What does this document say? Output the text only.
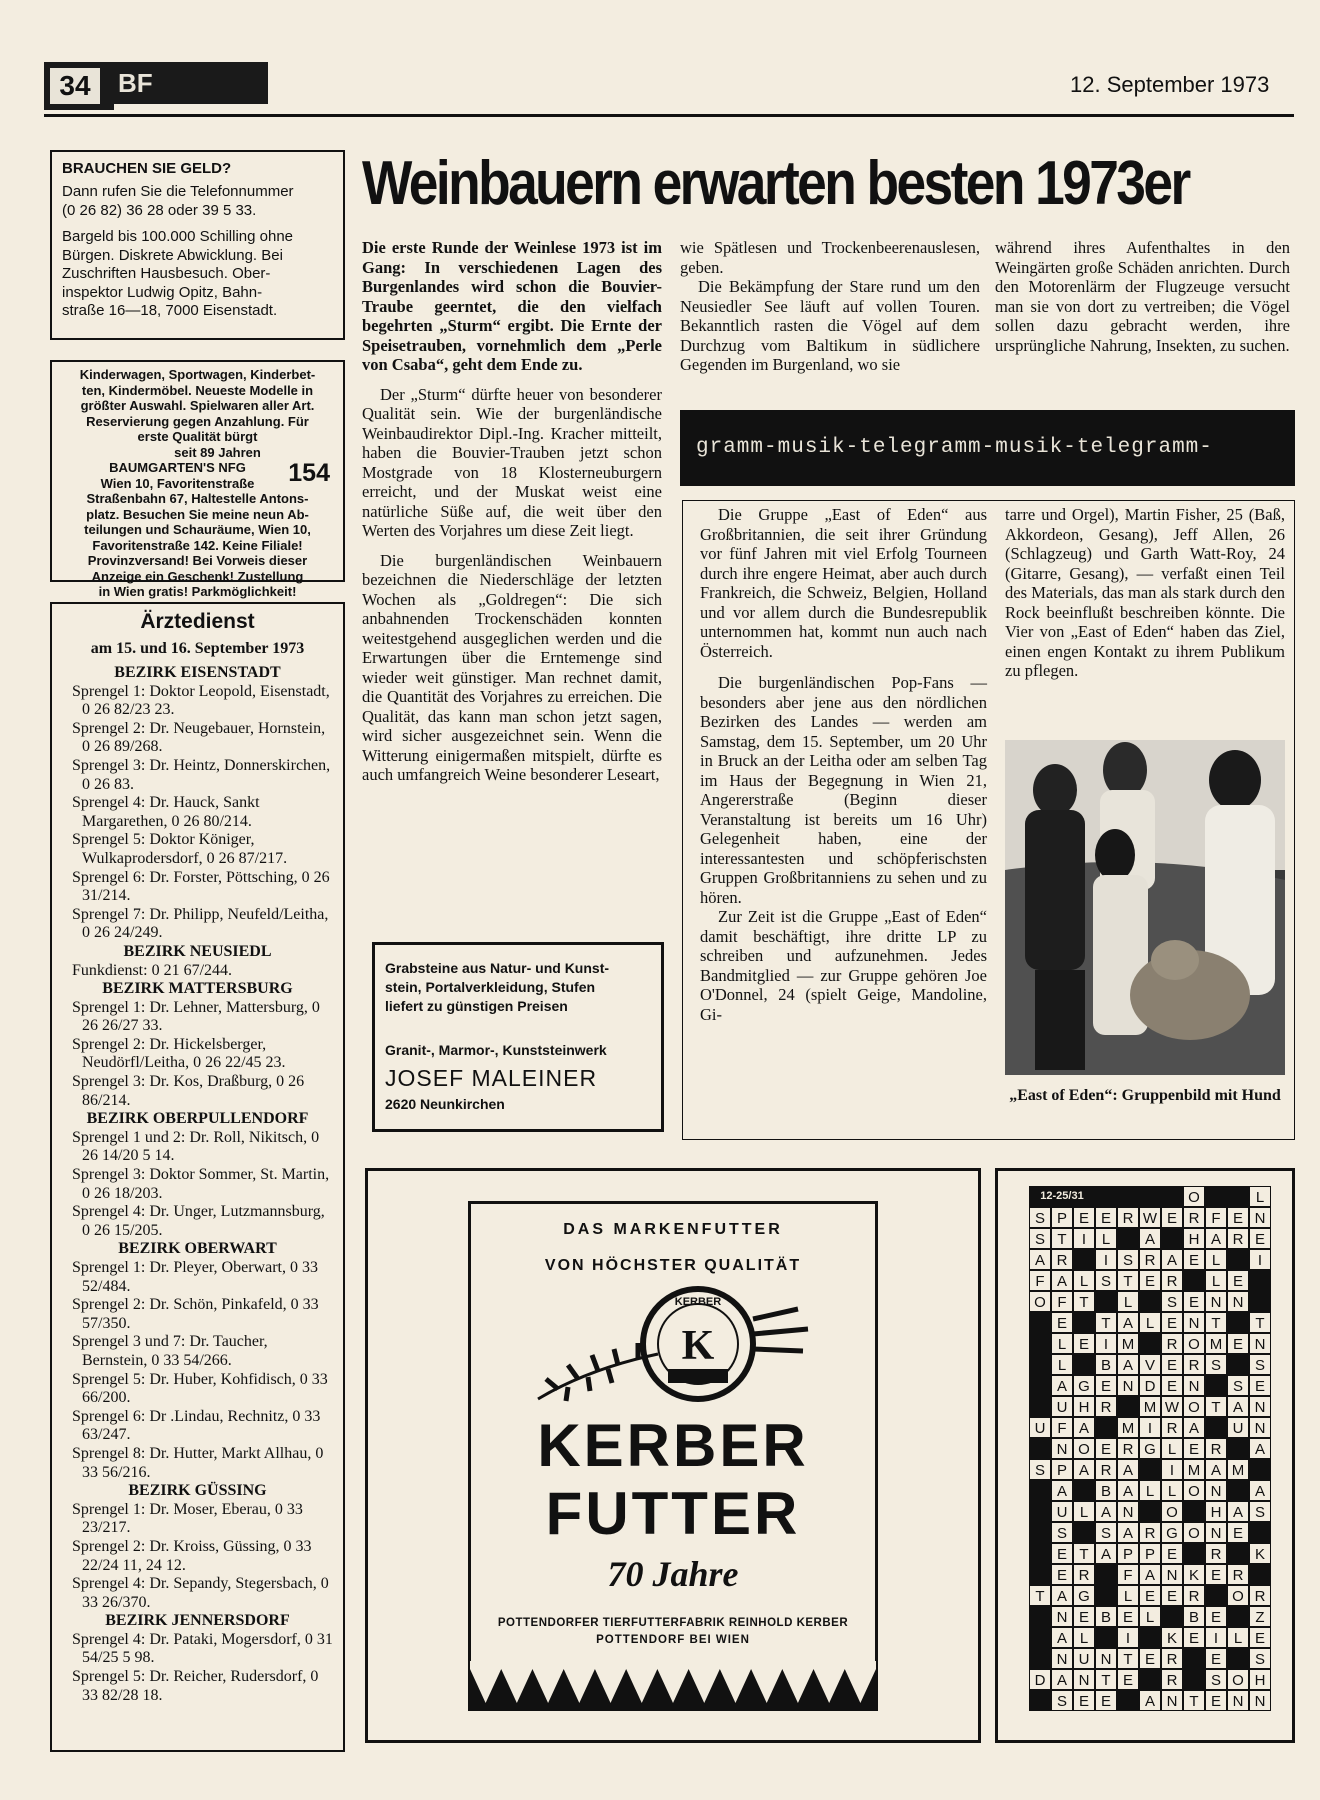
34	BF	12. September 1973
BRAUCHEN SIE GELD?
Dann rufen Sie die Telefonnummer
(0 26 82) 36 28 oder 39 5 33.
Bargeld bis 100.000 Schilling ohne
Bürgen. Diskrete Abwicklung. Bei
Zuschriften Hausbesuch. Ober-
inspektor Ludwig Opitz, Bahn-
straße 16—18, 7000 Eisenstadt.
Kinderwagen, Sportwagen, Kinderbet-
ten, Kindermöbel. Neueste Modelle in
größter Auswahl. Spielwaren aller Art.
Reservierung gegen Anzahlung. Für
erste Qualität bürgt
seit 89 Jahren
BAUMGARTEN'S NFG
Wien 10, Favoritenstraße	154
Straßenbahn 67, Haltestelle Antons-
platz. Besuchen Sie meine neun Ab-
teilungen und Schauräume, Wien 10,
Favoritenstraße 142. Keine Filiale!
Provinzversand! Bei Vorweis dieser
Anzeige ein Geschenk! Zustellung
in Wien gratis! Parkmöglichkeit!
Ärztedienst
am 15. und 16. September 1973
BEZIRK EISENSTADT
Sprengel 1: Doktor Leopold, Eisenstadt, 0 26 82/23 23.
Sprengel 2: Dr. Neugebauer, Hornstein, 0 26 89/268.
Sprengel 3: Dr. Heintz, Donnerskirchen, 0 26 83.
Sprengel 4: Dr. Hauck, Sankt Margarethen, 0 26 80/214.
Sprengel 5: Doktor Königer, Wulkaprodersdorf, 0 26 87/217.
Sprengel 6: Dr. Forster, Pöttsching, 0 26 31/214.
Sprengel 7: Dr. Philipp, Neufeld/Leitha, 0 26 24/249.
BEZIRK NEUSIEDL
Funkdienst: 0 21 67/244.
BEZIRK MATTERSBURG
Sprengel 1: Dr. Lehner, Mattersburg, 0 26 26/27 33.
Sprengel 2: Dr. Hickelsberger, Neudörfl/Leitha, 0 26 22/45 23.
Sprengel 3: Dr. Kos, Draßburg, 0 26 86/214.
BEZIRK OBERPULLENDORF
Sprengel 1 und 2: Dr. Roll, Nikitsch, 0 26 14/20 5 14.
Sprengel 3: Doktor Sommer, St. Martin, 0 26 18/203.
Sprengel 4: Dr. Unger, Lutzmannsburg, 0 26 15/205.
BEZIRK OBERWART
Sprengel 1: Dr. Pleyer, Oberwart, 0 33 52/484.
Sprengel 2: Dr. Schön, Pinkafeld, 0 33 57/350.
Sprengel 3 und 7: Dr. Taucher, Bernstein, 0 33 54/266.
Sprengel 5: Dr. Huber, Kohfidisch, 0 33 66/200.
Sprengel 6: Dr .Lindau, Rechnitz, 0 33 63/247.
Sprengel 8: Dr. Hutter, Markt Allhau, 0 33 56/216.
BEZIRK GÜSSING
Sprengel 1: Dr. Moser, Eberau, 0 33 23/217.
Sprengel 2: Dr. Kroiss, Güssing, 0 33 22/24 11, 24 12.
Sprengel 4: Dr. Sepandy, Stegersbach, 0 33 26/370.
BEZIRK JENNERSDORF
Sprengel 4: Dr. Pataki, Mogersdorf, 0 31 54/25 5 98.
Sprengel 5: Dr. Reicher, Rudersdorf, 0 33 82/28 18.
Weinbauern erwarten besten 1973er

Die erste Runde der Weinlese 1973 ist im Gang: In verschiedenen Lagen des Burgenlandes wird schon die Bouvier-Traube geerntet, die den vielfach begehrten „Sturm“ ergibt. Die Ernte der Speisetrauben, vornehmlich dem „Perle von Csaba“, geht dem Ende zu.

Der „Sturm“ dürfte heuer von besonderer Qualität sein. Wie der burgenländische Weinbaudirektor Dipl.-Ing. Kracher mitteilt, haben die Bouvier-Trauben jetzt schon Mostgrade von 18 Klosterneuburgern erreicht, und der Muskat weist eine natürliche Süße auf, die weit über den Werten des Vorjahres um diese Zeit liegt.

Die burgenländischen Weinbauern bezeichnen die Niederschläge der letzten Wochen als „Goldregen“: Die sich anbahnenden Trockenschäden konnten weitestgehend ausgeglichen werden und die Erwartungen über die Erntemenge sind wieder weit günstiger. Man rechnet damit, die Quantität des Vorjahres zu erreichen. Die Qualität, das kann man schon jetzt sagen, wird sicher ausgezeichnet sein. Wenn die Witterung einigermaßen mitspielt, dürfte es auch umfangreich Weine besonderer Leseart,

wie Spätlesen und Trockenbeerenauslesen, geben.

Die Bekämpfung der Stare rund um den Neusiedler See läuft auf vollen Touren. Bekanntlich rasten die Vögel auf dem Durchzug vom Baltikum in südlichere Gegenden im Burgenland, wo sie

während ihres Aufenthaltes in den Weingärten große Schäden anrichten. Durch den Motorenlärm der Flugzeuge versucht man sie von dort zu vertreiben; die Vögel sollen dazu gebracht werden, ihre ursprüngliche Nahrung, Insekten, zu suchen.

gramm-musik-telegramm-musik-telegramm-

Die Gruppe „East of Eden“ aus Großbritannien, die seit ihrer Gründung vor fünf Jahren mit viel Erfolg Tourneen durch ihre engere Heimat, aber auch durch Frankreich, die Schweiz, Belgien, Holland und vor allem durch die Bundesrepublik unternommen hat, kommt nun auch nach Österreich.

Die burgenländischen Pop-Fans — besonders aber jene aus den nördlichen Bezirken des Landes — werden am Samstag, dem 15. September, um 20 Uhr in Bruck an der Leitha oder am selben Tag im Haus der Begegnung in Wien 21, Angererstraße (Beginn dieser Veranstaltung ist bereits um 16 Uhr) Gelegenheit haben, eine der interessantesten und schöpferischsten Gruppen Großbritanniens zu sehen und zu hören.

Zur Zeit ist die Gruppe „East of Eden“ damit beschäftigt, ihre dritte LP zu schreiben und aufzunehmen. Jedes Bandmitglied — zur Gruppe gehören Joe O'Donnel, 24 (spielt Geige, Mandoline, Gi-

tarre und Orgel), Martin Fisher, 25 (Baß, Akkordeon, Gesang), Jeff Allen, 26 (Schlagzeug) und Garth Watt-Roy, 24 (Gitarre, Gesang), — verfaßt einen Teil des Materials, das man als stark durch den Rock beeinflußt beschreiben könnte. Die Vier von „East of Eden“ haben das Ziel, einen engen Kontakt zu ihrem Publikum zu pflegen.

„East of Eden“: Gruppenbild mit Hund
Grabsteine aus Natur- und Kunst-
stein, Portalverkleidung, Stufen
liefert zu günstigen Preisen
Granit-, Marmor-, Kunststeinwerk
JOSEF MALEINER
2620 Neunkirchen
DAS MARKENFUTTER
VON HÖCHSTER QUALITÄT
K
KERBER
KERBER
FUTTER
70 Jahre
POTTENDORFER TIERFUTTERFABRIK REINHOLD KERBER
POTTENDORF BEI WIEN
12-25/31	O	L
S P E E R W E R F E N
S T	I	L	A	H A R E
A R	I S R A E L	I
F A L S T E R	L E
O F T	L	S E N N
E	T A L E N T	T
L E I M	R O M E N
L	B A V E R S	S
A G E N D E N	S E
U H R	M W O T A N
U F A	M I R A	U N
N O E R G L E R	A
S P A R A	I M A M
A	B A L L O N	A
U L A N	O	H A S
S	S A R G O N E
E T A P P E	R	K
E R	F A N K E R
T A G	L E E R	O R
N E B E L	B E	Z
A L	I	K E I	L E
N U N T E R	E	S
D A N T E	R	S O H
S E E	A N T E N N
